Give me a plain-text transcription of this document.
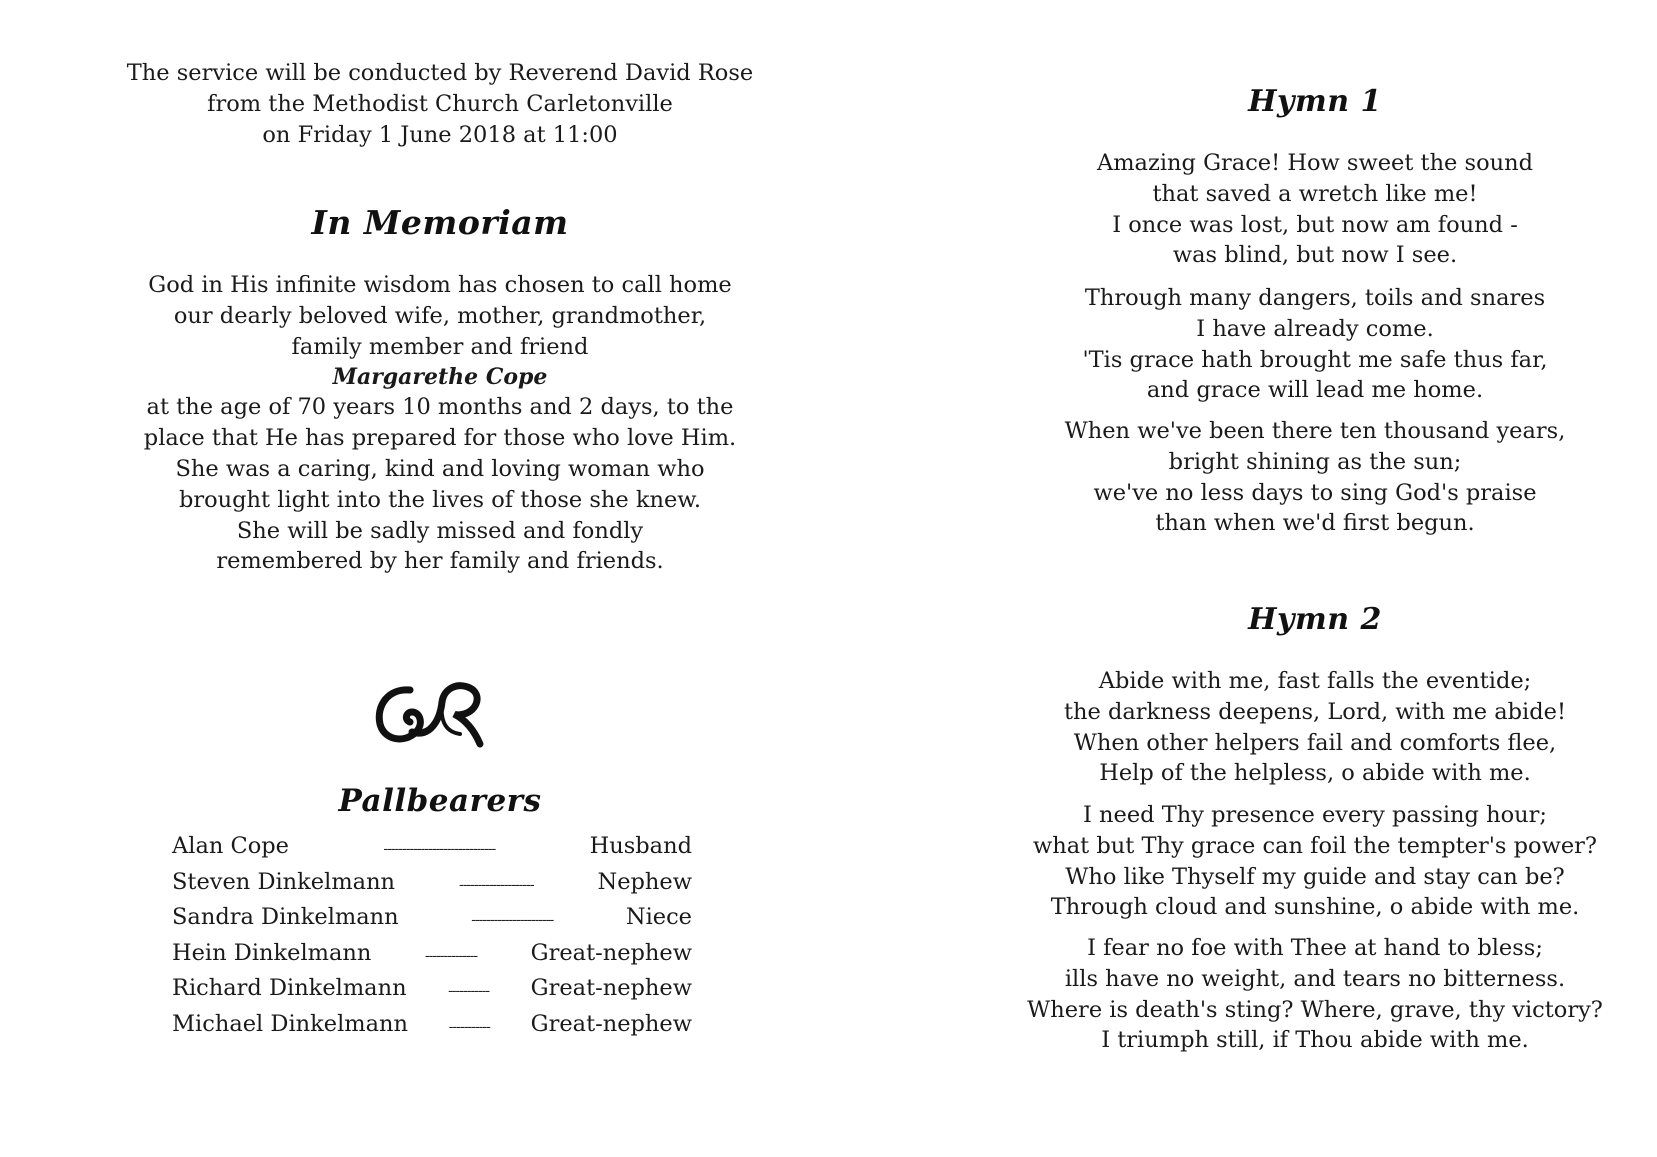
The service will be conducted by Reverend David Rose

from the Methodist Church Carletonville

on Friday 1 June 2018 at 11:00

In Memoriam

God in His infinite wisdom has chosen to call home

our dearly beloved wife, mother, grandmother,

family member and friend

Margarethe Cope

at the age of 70 years 10 months and 2 days, to the

place that He has prepared for those who love Him.

She was a caring, kind and loving woman who

brought light into the lives of those she knew.

She will be sadly missed and fondly

remembered by her family and friends.

Pallbearers
Alan Cope	------------------------------	Husband
Steven Dinkelmann	--------------------	Nephew
Sandra Dinkelmann	----------------------	Niece
Hein Dinkelmann	--------------	Great-nephew
Richard Dinkelmann	-----------	Great-nephew
Michael Dinkelmann	-----------	Great-nephew
Hymn 1

Amazing Grace! How sweet the sound

that saved a wretch like me!

I once was lost, but now am found -

was blind, but now I see.

Through many dangers, toils and snares

I have already come.

'Tis grace hath brought me safe thus far,

and grace will lead me home.

When we've been there ten thousand years,

bright shining as the sun;

we've no less days to sing God's praise

than when we'd first begun.

Hymn 2

Abide with me, fast falls the eventide;

the darkness deepens, Lord, with me abide!

When other helpers fail and comforts flee,

Help of the helpless, o abide with me.

I need Thy presence every passing hour;

what but Thy grace can foil the tempter's power?

Who like Thyself my guide and stay can be?

Through cloud and sunshine, o abide with me.

I fear no foe with Thee at hand to bless;

ills have no weight, and tears no bitterness.

Where is death's sting? Where, grave, thy victory?

I triumph still, if Thou abide with me.
